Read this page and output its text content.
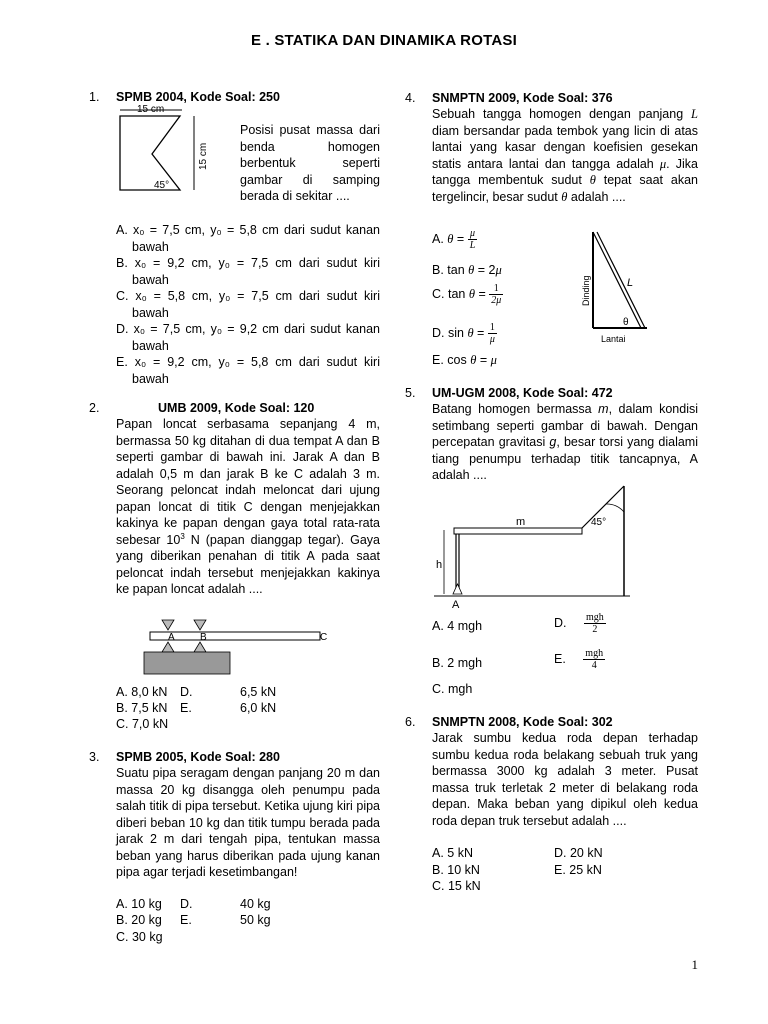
E . STATIKA DAN DINAMIKA ROTASI
1. SPMB 2004, Kode Soal: 250
15 cm
15 cm
45°
Posisi pusat massa dari benda homogen berbentuk seperti gambar di samping berada di sekitar ....
A. x₀ = 7,5 cm, y₀ = 5,8 cm dari sudut kanan bawah
B. x₀ = 9,2 cm, y₀ = 7,5 cm dari sudut kiri bawah
C. x₀ = 5,8 cm, y₀ = 7,5 cm dari sudut kiri bawah
D. x₀ = 7,5 cm, y₀ = 9,2 cm dari sudut kanan bawah
E. x₀ = 9,2 cm, y₀ = 5,8 cm dari sudut kiri bawah
2.	UMB 2009, Kode Soal: 120
Papan loncat serbasama sepanjang 4 m, bermassa 50 kg ditahan di dua tempat A dan B seperti gambar di bawah ini. Jarak A dan B adalah 0,5 m dan jarak B ke C adalah 3 m. Seorang peloncat indah meloncat dari ujung papan loncat di titik C dengan menjejakkan kakinya ke papan dengan gaya total rata-rata sebesar $10^3$ N (papan dianggap tegar). Gaya yang diberikan penahan di titik A pada saat peloncat indah tersebut menjejakkan kakinya ke papan loncat adalah ....
A	B	C
A. 8,0 kN
B. 7,5 kN
C. 7,0 kN
D.	6,5 kN
E.	6,0 kN
3. SPMB 2005, Kode Soal: 280
Suatu pipa seragam dengan panjang 20 m dan massa 20 kg disangga oleh penumpu pada salah titik di pipa tersebut. Ketika ujung kiri pipa diberi beban 10 kg dan titik tumpu berada pada jarak 2 m dari tengah pipa, tentukan massa beban yang harus diberikan pada ujung kanan pipa agar terjadi kesetimbangan!
A. 10 kg
B. 20 kg
C. 30 kg
D.	40 kg
E.	50 kg
4. SNMPTN 2009, Kode Soal: 376
Sebuah tangga homogen dengan panjang L diam bersandar pada tembok yang licin di atas lantai yang kasar dengan koefisien gesekan statis antara lantai dan tangga adalah μ. Jika tangga membentuk sudut θ tepat saat akan tergelincir, besar sudut θ adalah ....
A. $\theta = \frac{\mu}{L}$
B. tan θ = 2μ
C. $\tan \theta = \frac{1}{2\mu}$
D. $\sin \theta = \frac{1}{\mu}$
E. cos θ = μ
Dinding
Lantai
L
θ
5. UM-UGM 2008, Kode Soal: 472
Batang homogen bermassa m, dalam kondisi setimbang seperti gambar di bawah. Dengan percepatan gravitasi g, besar torsi yang dialami tiang penumpu terhadap titik tancapnya, A adalah ....
m	45°
h
A
A. 4 mgh
B. 2 mgh
C. mgh
D. $\frac{\text{mgh}}{2}$
E. $\frac{\text{mgh}}{4}$
6. SNMPTN 2008, Kode Soal: 302
Jarak sumbu kedua roda depan terhadap sumbu kedua roda belakang sebuah truk yang bermassa 3000 kg adalah 3 meter. Pusat massa truk terletak 2 meter di belakang roda depan. Maka beban yang dipikul oleh kedua roda depan truk tersebut adalah ....
A. 5 kN
B. 10 kN
C. 15 kN
D. 20 kN
E. 25 kN
1
